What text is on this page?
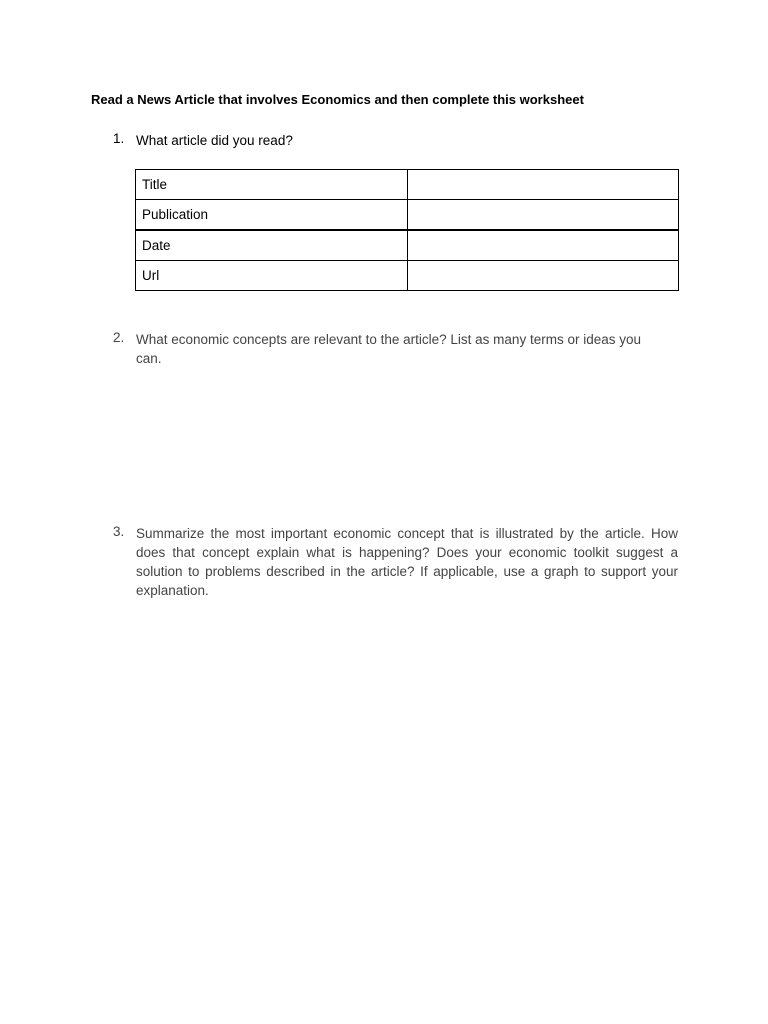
Read a News Article that involves Economics and then complete this worksheet
1. What article did you read?
Title	
Publication	
Date	
Url	
2. What economic concepts are relevant to the article? List as many terms or ideas you can.
3. Summarize the most important economic concept that is illustrated by the article. How does that concept explain what is happening? Does your economic toolkit suggest a solution to problems described in the article? If applicable, use a graph to support your explanation.
